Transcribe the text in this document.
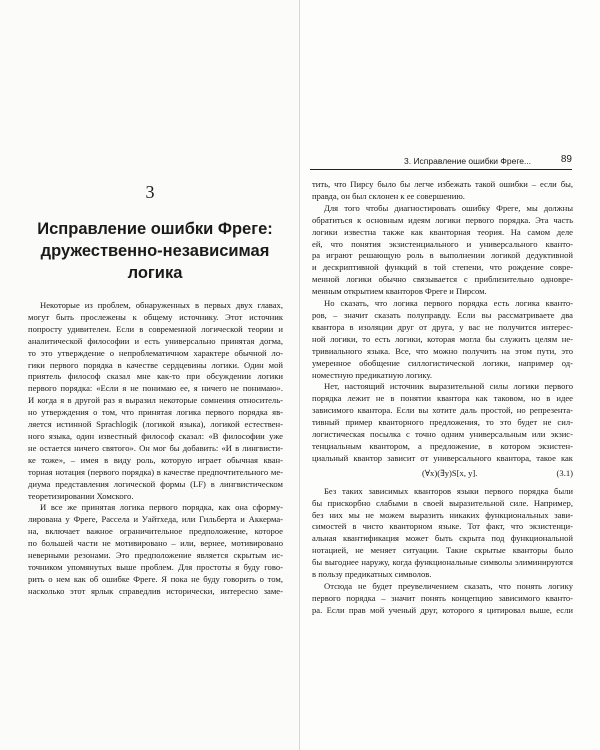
3
Исправление ошибки Фреге:
дружественно-независимая логика
Некоторые из проблем, обнаруженных в первых двух главах,
могут быть прослежены к общему источнику. Этот источник
попросту удивителен. Если в современной логической теории и
аналитической философии и есть универсально принятая догма,
то это утверждение о непроблематичном характере обычной ло-
гики первого порядка в качестве сердцевины логики. Один мой
приятель философ сказал мне как-то при обсуждении логики
первого порядка: «Если я не понимаю ее, я ничего не понимаю».
И когда я в другой раз я выразил некоторые сомнения относитель-
но утверждения о том, что принятая логика первого порядка яв-
ляется истинной Sprachlogik (логикой языка), логикой естествен-
ного языка, один известный философ сказал: «В философии уже
не остается ничего святого». Он мог бы добавить: «И в лингвисти-
ке тоже», – имея в виду роль, которую играет обычная кван-
торная нотация (первого порядка) в качестве предпочтительного ме-
диума представления логической формы (LF) в лингвистическом
теоретизировании Хомского.
И все же принятая логика первого порядка, как она сформу-
лирована у Фреге, Рассела и Уайтхеда, или Гильберта и Аккерма-
на, включает важное ограничительное предположение, которое
по большей части не мотивировано – или, вернее, мотивировано
неверными резонами. Это предположение является скрытым ис-
точником упомянутых выше проблем. Для простоты я буду гово-
рить о нем как об ошибке Фреге. Я пока не буду говорить о том,
насколько этот ярлык справедлив исторически, интересно заме-
3. Исправление ошибки Фреге...	89
тить, что Пирсу было бы легче избежать такой ошибки – если бы,
правда, он был склонен к ее совершению.
Для того чтобы диагностировать ошибку Фреге, мы должны
обратиться к основным идеям логики первого порядка. Эта часть
логики известна также как кванторная теория. На самом деле
ей, что понятия экзистенциального и универсального кванто-
ра играют решающую роль в выполнении логикой дедуктивной
и дескриптивной функций в той степени, что рождение совре-
менной логики обычно связывается с приблизительно одновре-
менным открытием кванторов Фреге и Пирсом.
Но сказать, что логика первого порядка есть логика кванто-
ров, – значит сказать полуправду. Если вы рассматриваете два
квантора в изоляции друг от друга, у вас не получится интерес-
ной логики, то есть логики, которая могла бы служить целям не-
тривиального языка. Все, что можно получить на этом пути, это
умеренное обобщение силлогистической логики, например од-
номестную предикатную логику.
Нет, настоящий источник выразительной силы логики первого
порядка лежит не в понятии квантора как таковом, но в идее
зависимого квантора. Если вы хотите даль простой, но репрезента-
тивный пример кванторного предложения, то это будет не сил-
логистическая посылка с точно одним универсальным или экзис-
тенциальным квантором, а предложение, в котором экзистен-
циальный квантор зависит от универсального квантора, такое как
(∀x)(∃y)S[x, y].	(3.1)
Без таких зависимых кванторов языки первого порядка были
бы прискорбно слабыми в своей выразительной силе. Например,
без них мы не можем выразить никаких функциональных зави-
симостей в чисто кванторном языке. Тот факт, что экзистенци-
альная квантификация может быть скрыта под функциональной
нотацией, не меняет ситуации. Такие скрытые кванторы было
бы выгоднее наружу, когда функциональные символы элиминируются
в пользу предикатных символов.
Отсюда не будет преувеличением сказать, что понять логику
первого порядка – значит понять концепцию зависимого кванто-
ра. Если прав мой ученый друг, которого я цитировал выше, если
